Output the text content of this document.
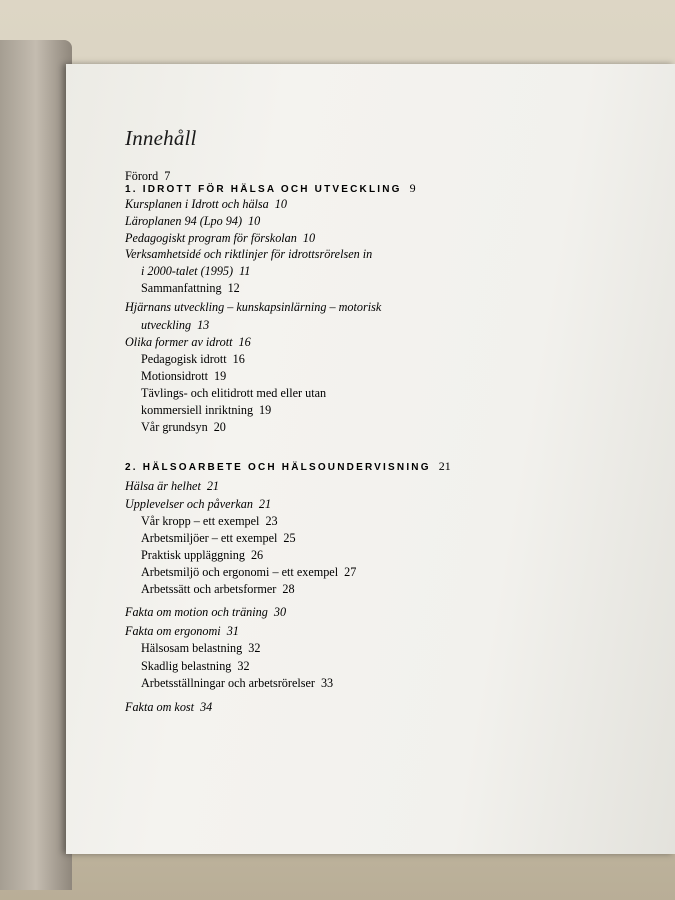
Innehåll
Förord 7
1. IDROTT FÖR HÄLSA OCH UTVECKLING 9
Kursplanen i Idrott och hälsa 10
Läroplanen 94 (Lpo 94) 10
Pedagogiskt program för förskolan 10
Verksamhetsidé och riktlinjer för idrottsrörelsen in
i 2000-talet (1995) 11
Sammanfattning 12
Hjärnans utveckling – kunskapsinlärning – motorisk
utveckling 13
Olika former av idrott 16
Pedagogisk idrott 16
Motionsidrott 19
Tävlings- och elitidrott med eller utan
kommersiell inriktning 19
Vår grundsyn 20
2. HÄLSOARBETE OCH HÄLSOUNDERVISNING 21
Hälsa är helhet 21
Upplevelser och påverkan 21
Vår kropp – ett exempel 23
Arbetsmiljöer – ett exempel 25
Praktisk uppläggning 26
Arbetsmiljö och ergonomi – ett exempel 27
Arbetssätt och arbetsformer 28
Fakta om motion och träning 30
Fakta om ergonomi 31
Hälsosam belastning 32
Skadlig belastning 32
Arbetsställningar och arbetsrörelser 33
Fakta om kost 34
